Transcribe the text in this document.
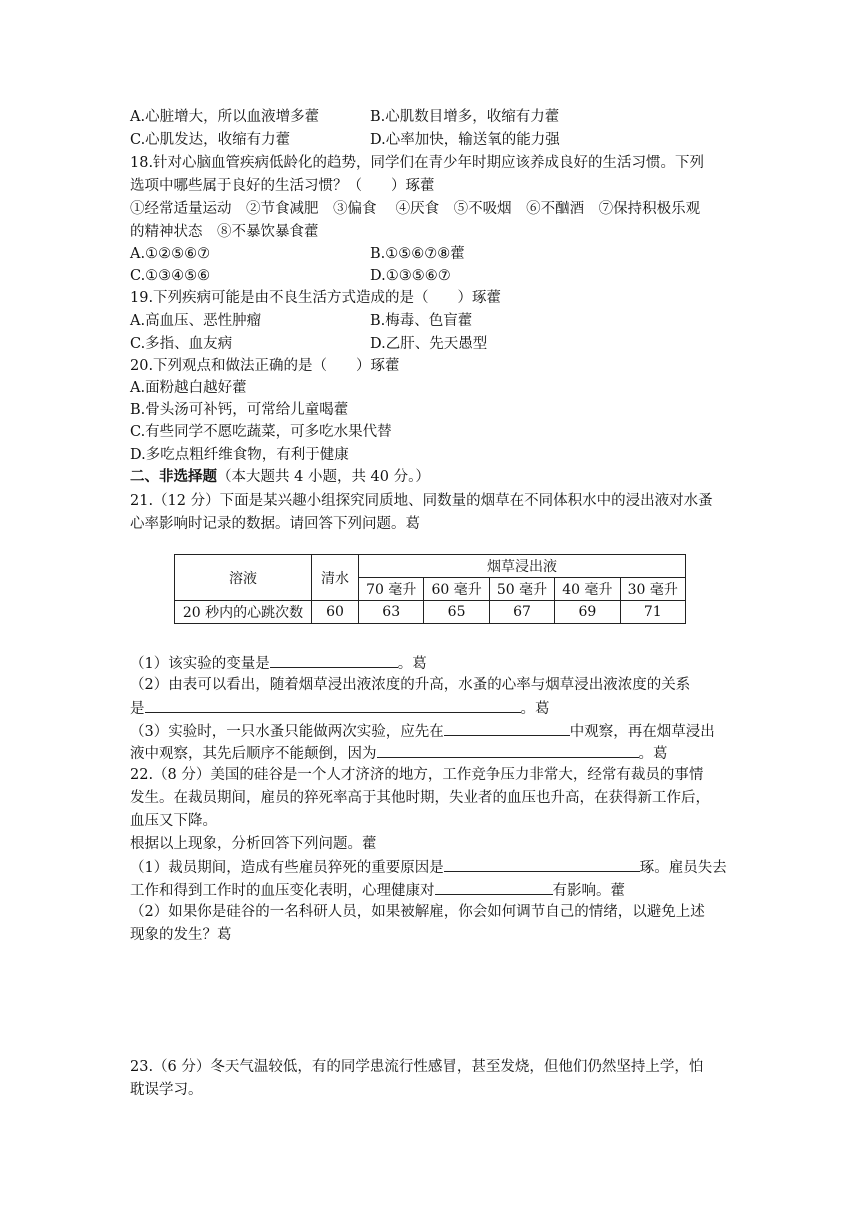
A.心脏增大，所以血液增多藿	B.心肌数目增多，收缩有力藿
C.心肌发达，收缩有力藿	D.心率加快，输送氧的能力强
18.针对心脑血管疾病低龄化的趋势，同学们在青少年时期应该养成良好的生活习惯。下列
选项中哪些属于良好的生活习惯？（　　）琢藿
①经常适量运动　②节食减肥　③偏食　 ④厌食　⑤不吸烟　⑥不酗酒　⑦保持积极乐观
的精神状态　⑧不暴饮暴食藿
A.①②⑤⑥⑦	B.①⑤⑥⑦⑧藿
C.①③④⑤⑥	D.①③⑤⑥⑦
19.下列疾病可能是由不良生活方式造成的是（　　）琢藿
A.高血压、恶性肿瘤	B.梅毒、色盲藿
C.多指、血友病	D.乙肝、先天愚型
20.下列观点和做法正确的是（　　）琢藿
A.面粉越白越好藿
B.骨头汤可补钙，可常给儿童喝藿
C.有些同学不愿吃蔬菜，可多吃水果代替
D.多吃点粗纤维食物，有利于健康
二、非选择题（本大题共 4 小题，共 40 分。）
21.（12 分）下面是某兴趣小组探究同质地、同数量的烟草在不同体积水中的浸出液对水蚤
心率影响时记录的数据。请回答下列问题。葛
溶液	清水	烟草浸出液				
		70 毫升	60 毫升	50 毫升	40 毫升	30 毫升
20 秒内的心跳次数	60	63	65	67	69	71
（1）该实验的变量是	。葛
（2）由表可以看出，随着烟草浸出液浓度的升高，水蚤的心率与烟草浸出液浓度的关系
是	。葛
（3）实验时，一只水蚤只能做两次实验，应先在	中观察，再在烟草浸出
液中观察，其先后顺序不能颠倒，因为	。葛
22.（8 分）美国的硅谷是一个人才济济的地方，工作竞争压力非常大，经常有裁员的事情
发生。在裁员期间，雇员的猝死率高于其他时期，失业者的血压也升高，在获得新工作后，
血压又下降。
根据以上现象，分析回答下列问题。藿
（1）裁员期间，造成有些雇员猝死的重要原因是	琢。雇员失去
工作和得到工作时的血压变化表明，心理健康对	有影响。藿
（2）如果你是硅谷的一名科研人员，如果被解雇，你会如何调节自己的情绪，以避免上述
现象的发生？葛
23.（6 分）冬天气温较低，有的同学患流行性感冒，甚至发烧，但他们仍然坚持上学，怕
耽误学习。
